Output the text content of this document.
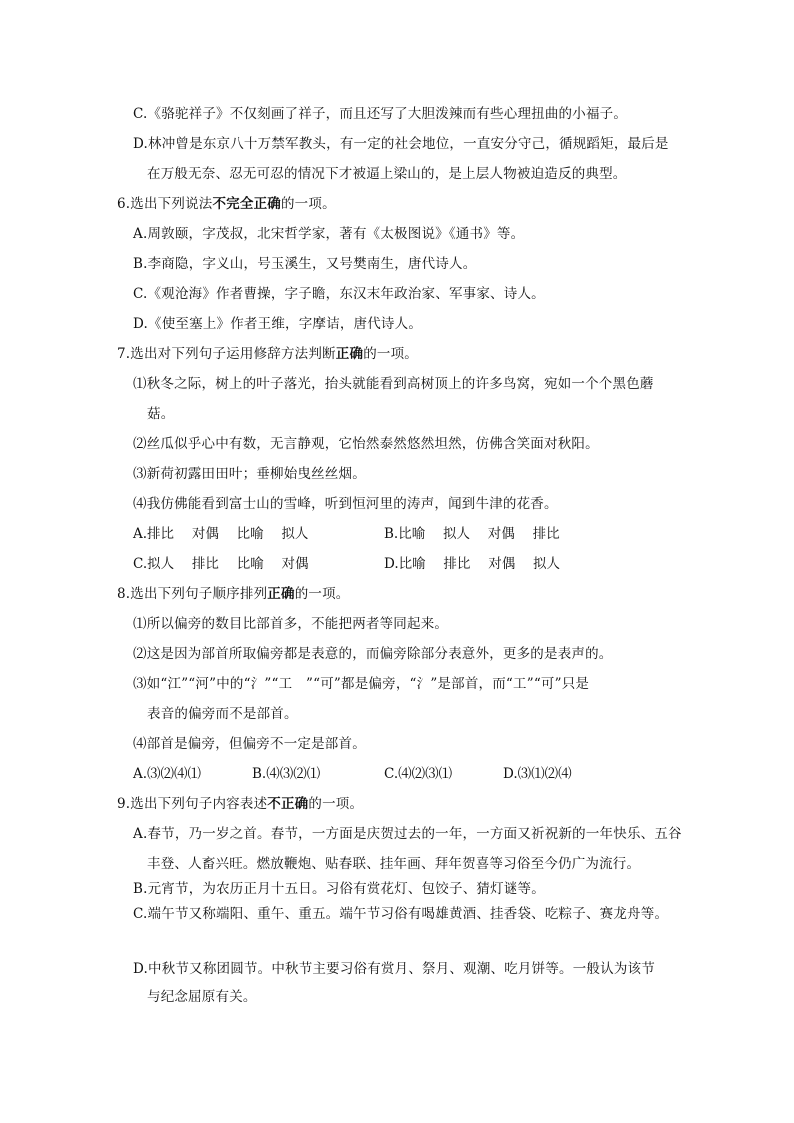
C.《骆驼祥子》不仅刻画了祥子，而且还写了大胆泼辣而有些心理扭曲的小福子。
D.林冲曾是东京八十万禁军教头，有一定的社会地位，一直安分守己，循规蹈矩，最后是
在万般无奈、忍无可忍的情况下才被逼上梁山的，是上层人物被迫造反的典型。
6.选出下列说法不完全正确的一项。
A.周敦颐，字茂叔，北宋哲学家，著有《太极图说》《通书》等。
B.李商隐，字义山，号玉溪生，又号樊南生，唐代诗人。
C.《观沧海》作者曹操，字子瞻，东汉末年政治家、军事家、诗人。
D.《使至塞上》作者王维，字摩诘，唐代诗人。
7.选出对下列句子运用修辞方法判断正确的一项。
⑴秋冬之际，树上的叶子落光，抬头就能看到高树顶上的许多鸟窝，宛如一个个黑色蘑
菇。
⑵丝瓜似乎心中有数，无言静观，它怡然泰然悠然坦然，仿佛含笑面对秋阳。
⑶新荷初露田田叶；垂柳始曳丝丝烟。
⑷我仿佛能看到富士山的雪峰，听到恒河里的涛声，闻到牛津的花香。
A.排比　 对偶　 比喻　 拟人	B.比喻　 拟人　 对偶　 排比
C.拟人　 排比　 比喻　 对偶	D.比喻　 排比　 对偶　 拟人
8.选出下列句子顺序排列正确的一项。
⑴所以偏旁的数目比部首多，不能把两者等同起来。
⑵这是因为部首所取偏旁都是表意的，而偏旁除部分表意外，更多的是表声的。
⑶如“江”“河”中的“氵”“工　”“可”都是偏旁，“氵”是部首，而“工”“可”只是
表音的偏旁而不是部首。
⑷部首是偏旁，但偏旁不一定是部首。
A.⑶⑵⑷⑴	B.⑷⑶⑵⑴	C.⑷⑵⑶⑴	D.⑶⑴⑵⑷
9.选出下列句子内容表述不正确的一项。
A.春节，乃一岁之首。春节，一方面是庆贺过去的一年，一方面又祈祝新的一年快乐、五谷
丰登、人畜兴旺。燃放鞭炮、贴春联、挂年画、拜年贺喜等习俗至今仍广为流行。
B.元宵节，为农历正月十五日。习俗有赏花灯、包饺子、猜灯谜等。
C.端午节又称端阳、重午、重五。端午节习俗有喝雄黄酒、挂香袋、吃粽子、赛龙舟等。
D.中秋节又称团圆节。中秋节主要习俗有赏月、祭月、观潮、吃月饼等。一般认为该节
与纪念屈原有关。
